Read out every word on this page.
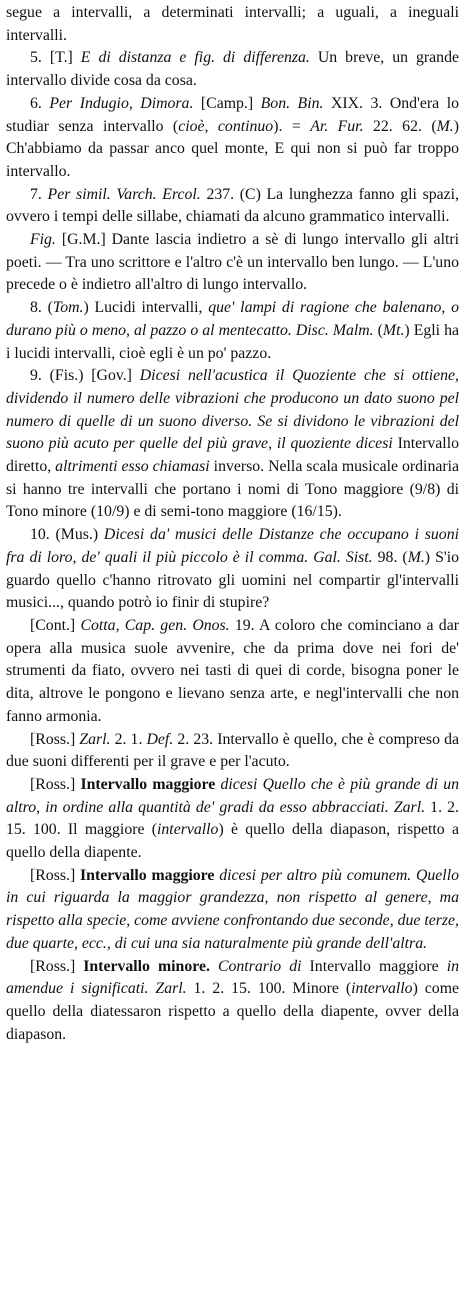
segue a intervalli, a determinati intervalli; a uguali, a ineguali intervalli.

5. [T.] E di distanza e fig. di differenza. Un breve, un grande intervallo divide cosa da cosa.

6. Per Indugio, Dimora. [Camp.] Bon. Bin. XIX. 3. Ond'era lo studiar senza intervallo (cioè, continuo). = Ar. Fur. 22. 62. (M.) Ch'abbiamo da passar anco quel monte, E qui non si può far troppo intervallo.

7. Per simil. Varch. Ercol. 237. (C) La lunghezza fanno gli spazi, ovvero i tempi delle sillabe, chiamati da alcuno grammatico intervalli.

Fig. [G.M.] Dante lascia indietro a sè di lungo intervallo gli altri poeti. — Tra uno scrittore e l'altro c'è un intervallo ben lungo. — L'uno precede o è indietro all'altro di lungo intervallo.

8. (Tom.) Lucidi intervalli, que' lampi di ragione che balenano, o durano più o meno, al pazzo o al mentecatto. Disc. Malm. (Mt.) Egli ha i lucidi intervalli, cioè egli è un po' pazzo.

9. (Fis.) [Gov.] Dicesi nell'acustica il Quoziente che si ottiene, dividendo il numero delle vibrazioni che producono un dato suono pel numero di quelle di un suono diverso. Se si dividono le vibrazioni del suono più acuto per quelle del più grave, il quoziente dicesi Intervallo diretto, altrimenti esso chiamasi inverso. Nella scala musicale ordinaria si hanno tre intervalli che portano i nomi di Tono maggiore (9/8) di Tono minore (10/9) e di semi-tono maggiore (16/15).

10. (Mus.) Dicesi da' musici delle Distanze che occupano i suoni fra di loro, de' quali il più piccolo è il comma. Gal. Sist. 98. (M.) S'io guardo quello c'hanno ritrovato gli uomini nel compartir gl'intervalli musici..., quando potrò io finir di stupire?

[Cont.] Cotta, Cap. gen. Onos. 19. A coloro che cominciano a dar opera alla musica suole avvenire, che da prima dove nei fori de' strumenti da fiato, ovvero nei tasti di quei di corde, bisogna poner le dita, altrove le pongono e lievano senza arte, e negl'intervalli che non fanno armonia.

[Ross.] Zarl. 2. 1. Def. 2. 23. Intervallo è quello, che è compreso da due suoni differenti per il grave e per l'acuto.

[Ross.] Intervallo maggiore dicesi Quello che è più grande di un altro, in ordine alla quantità de' gradi da esso abbracciati. Zarl. 1. 2. 15. 100. Il maggiore (intervallo) è quello della diapason, rispetto a quello della diapente.

[Ross.] Intervallo maggiore dicesi per altro più comunem. Quello in cui riguarda la maggior grandezza, non rispetto al genere, ma rispetto alla specie, come avviene confrontando due seconde, due terze, due quarte, ecc., di cui una sia naturalmente più grande dell'altra.

[Ross.] Intervallo minore. Contrario di Intervallo maggiore in amendue i significati. Zarl. 1. 2. 15. 100. Minore (intervallo) come quello della diatessaron rispetto a quello della diapente, ovver della diapason.
